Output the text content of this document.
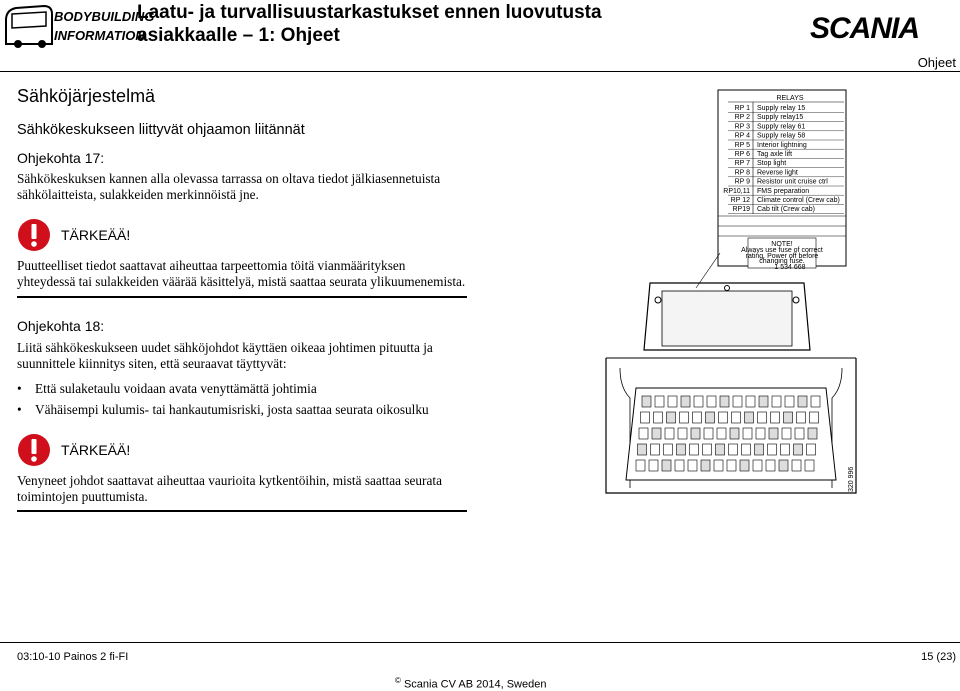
BODYBUILDING
INFORMATION
Laatu- ja turvallisuustarkastukset ennen luovutusta
asiakkaalle – 1: Ohjeet	SCANIA
Ohjeet
Sähköjärjestelmä
Sähkökeskukseen liittyvät ohjaamon liitännät
Ohjekohta 17:
Sähkökeskuksen kannen alla olevassa tarrassa on oltava tiedot jälkiasennetuista sähkölaitteista, sulakkeiden merkinnöistä jne.
TÄRKEÄÄ!
Puutteelliset tiedot saattavat aiheuttaa tarpeettomia töitä vianmäärityksen yhteydessä tai sulakkeiden väärää käsittelyä, mistä saattaa seurata ylikuumenemista.
Ohjekohta 18:
Liitä sähkökeskukseen uudet sähköjohdot käyttäen oikeaa johtimen pituutta ja suunnittele kiinnitys siten, että seuraavat täyttyvät:
• Että sulaketaulu voidaan avata venyttämättä johtimia
• Vähäisempi kulumis- tai hankautumisriski, josta saattaa seurata oikosulku
TÄRKEÄÄ!
Venyneet johdot saattavat aiheuttaa vaurioita kytkentöihin, mistä saattaa seurata toimintojen puuttumista.
RELAYS
RP 1 Supply relay 15
RP 2 Supply relay15
RP 3 Supply relay 61
RP 4 Supply relay 58
RP 5 Interior lightning
RP 6 Tag axle lift
RP 7 Stop light
RP 8 Reverse light
RP 9 Resistor unit cruise ctrl
RP10,11 FMS preparation
RP 12 Climate control (Crew cab)
RP19 Cab tilt (Crew cab)
NOTE!
Always use fuse of correct
rating. Power off before
changing fuse.
1 534 668
320 996
03:10-10 Painos 2 fi-FI	15 (23)
© Scania CV AB 2014, Sweden
